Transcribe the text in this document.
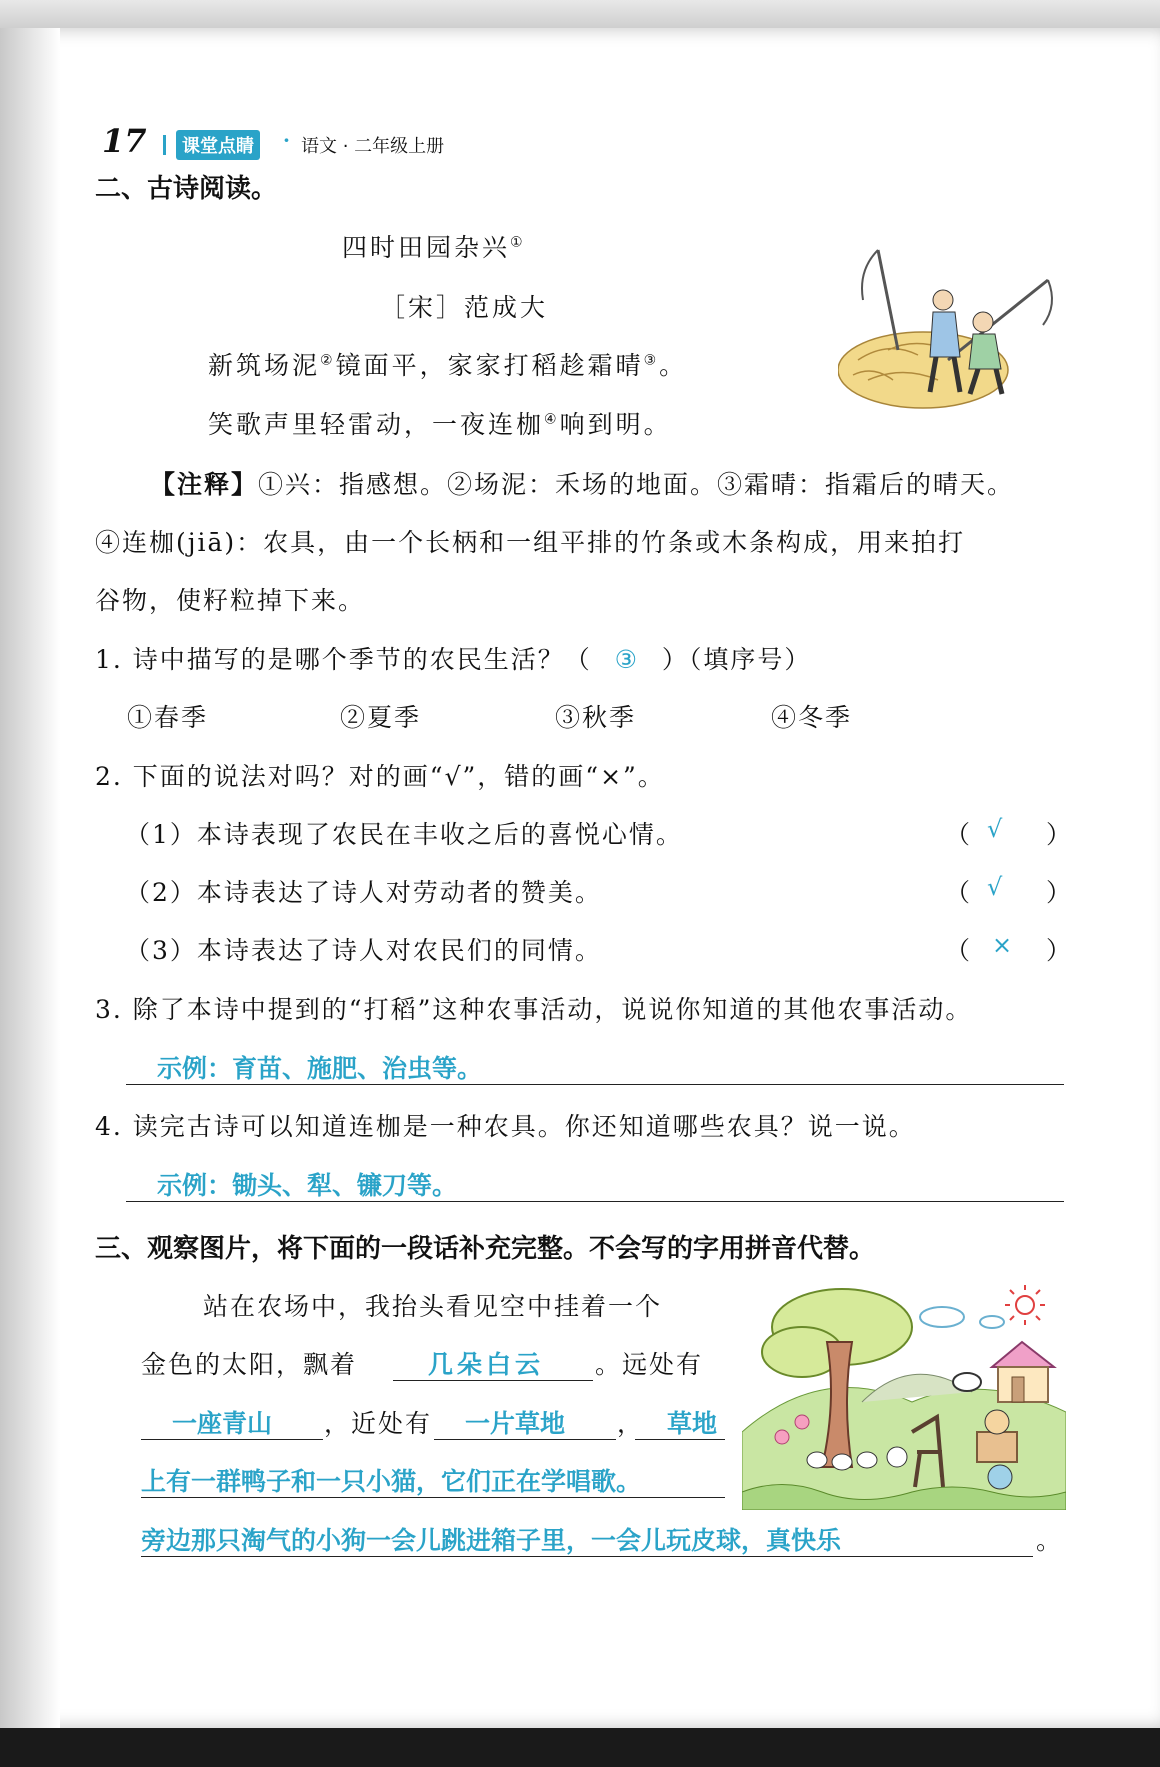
17	课堂点睛	· 语文 · 二年级上册
二、古诗阅读。
四时田园杂兴①
［宋］范成大
新筑场泥②镜面平，家家打稻趁霜晴③。
笑歌声里轻雷动，一夜连枷④响到明。
【注释】①兴：指感想。②场泥：禾场的地面。③霜晴：指霜后的晴天。
④连枷(jiā)：农具，由一个长柄和一组平排的竹条或木条构成，用来拍打
谷物，使籽粒掉下来。
1. 诗中描写的是哪个季节的农民生活？（ ③ ）（填序号）
①春季	②夏季	③秋季	④冬季
2. 下面的说法对吗？对的画“√”，错的画“×”。
（1）本诗表现了农民在丰收之后的喜悦心情。	（ √ ）
（2）本诗表达了诗人对劳动者的赞美。	（ √ ）
（3）本诗表达了诗人对农民们的同情。	（ × ）
3. 除了本诗中提到的“打稻”这种农事活动，说说你知道的其他农事活动。
示例：育苗、施肥、治虫等。
4. 读完古诗可以知道连枷是一种农具。你还知道哪些农具？说一说。
示例：锄头、犁、镰刀等。
三、观察图片，将下面的一段话补充完整。不会写的字用拼音代替。
站在农场中，我抬头看见空中挂着一个
金色的太阳，飘着	几朵白云 。远处有
一座青山 ，近处有 一片草地 ， 草地
上有一群鸭子和一只小猫，它们正在学唱歌。
旁边那只淘气的小狗一会儿跳进箱子里，一会儿玩皮球，真快乐	。
